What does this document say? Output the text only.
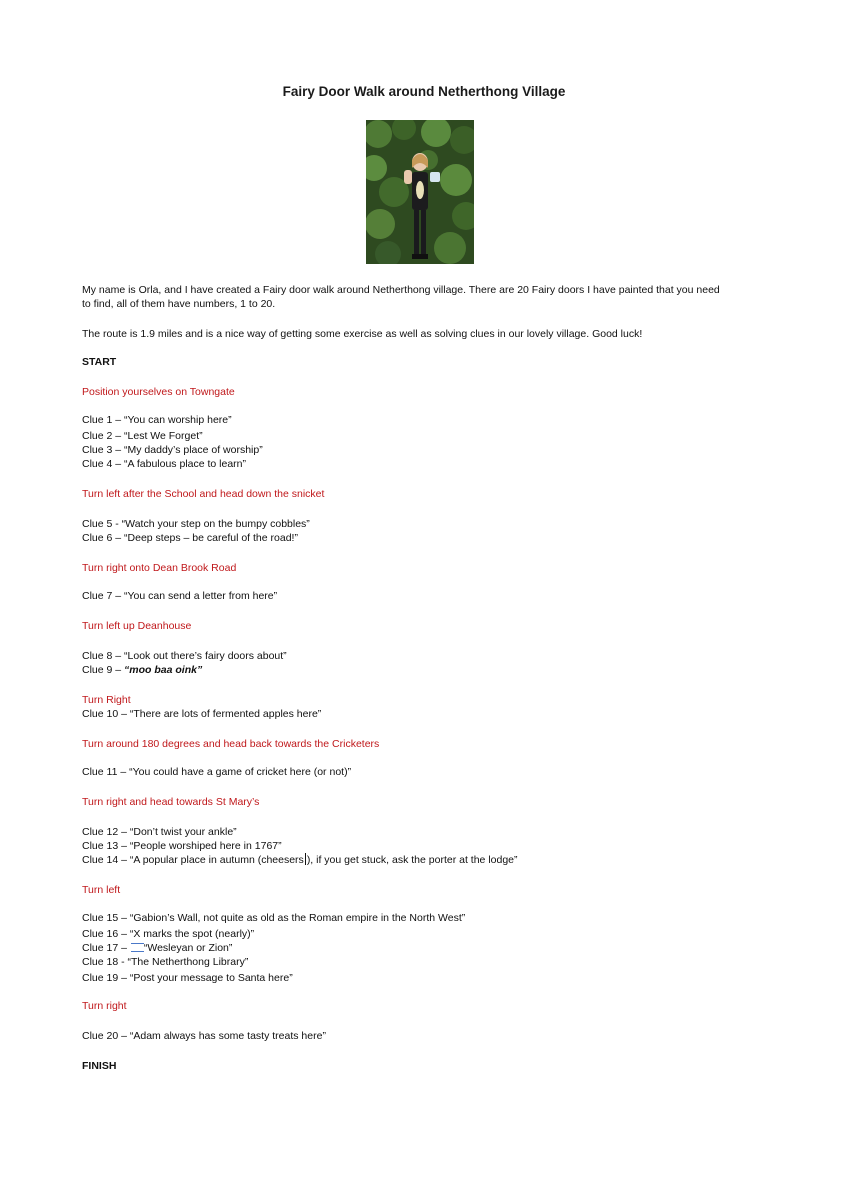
Fairy Door Walk around Netherthong Village
My name is Orla, and I have created a Fairy door walk around Netherthong village. There are 20 Fairy doors I have painted that you need
to find, all of them have numbers, 1 to 20.
The route is 1.9 miles and is a nice way of getting some exercise as well as solving clues in our lovely village. Good luck!
START
Position yourselves on Towngate
Clue 1 – “You can worship here”
Clue 2 – “Lest We Forget”
Clue 3 – “My daddy’s place of worship”
Clue 4 – “A fabulous place to learn”
Turn left after the School and head down the snicket
Clue 5 - “Watch your step on the bumpy cobbles”
Clue 6 – “Deep steps – be careful of the road!”
Turn right onto Dean Brook Road
Clue 7 – “You can send a letter from here”
Turn left up Deanhouse
Clue 8 – “Look out there’s fairy doors about”
Clue 9 – “moo baa oink”
Turn Right
Clue 10 – “There are lots of fermented apples here”
Turn around 180 degrees and head back towards the Cricketers
Clue 11 – “You could have a game of cricket here (or not)”
Turn right and head towards St Mary’s
Clue 12 – “Don’t twist your ankle”
Clue 13 – “People worshiped here in 1767”
Clue 14 – “A popular place in autumn (cheesers ), if you get stuck, ask the porter at the lodge”
Turn left
Clue 15 – “Gabion’s Wall, not quite as old as the Roman empire in the North West”
Clue 16 – “X marks the spot (nearly)”
Clue 17 – “Wesleyan or Zion”
Clue 18 - “The Netherthong Library”
Clue 19 – “Post your message to Santa here”
Turn right
Clue 20 – “Adam always has some tasty treats here”
FINISH
